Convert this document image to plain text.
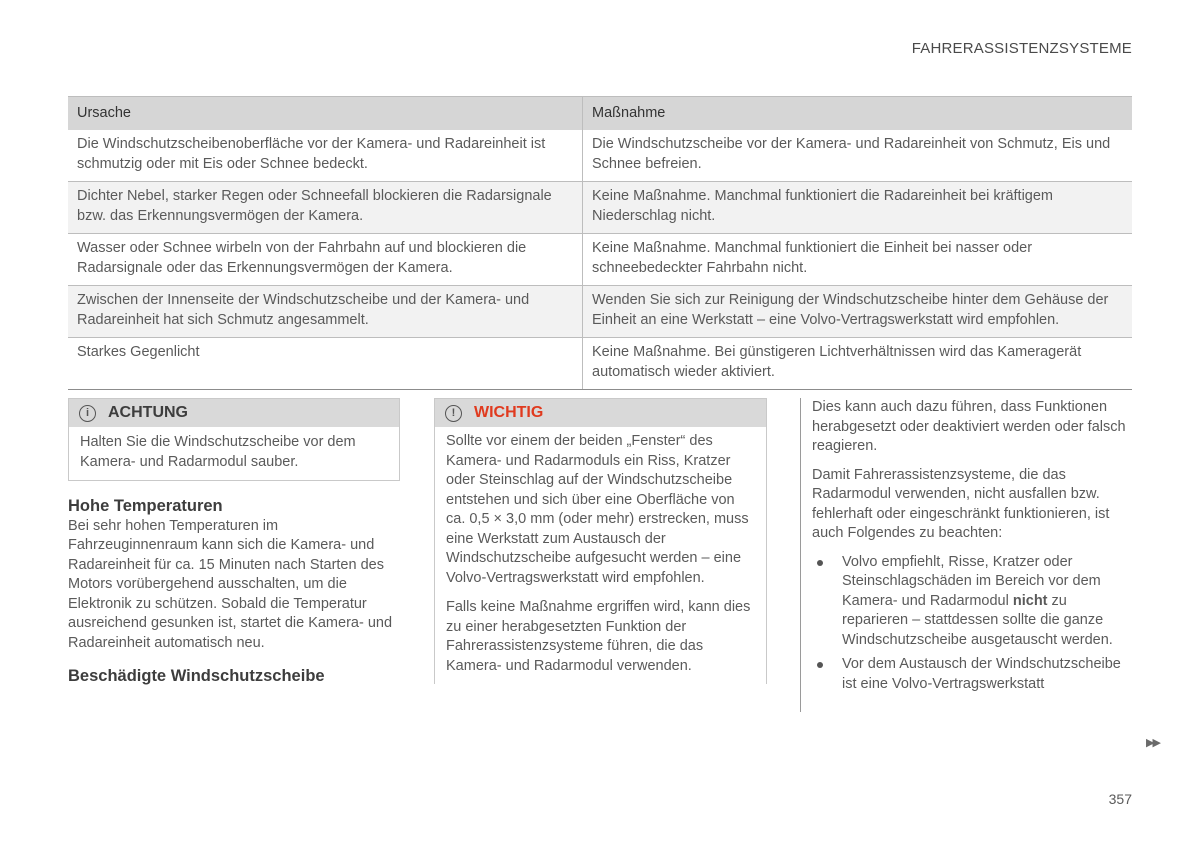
FAHRERASSISTENZSYSTEME
Ursache	Maßnahme
Die Windschutzscheibenoberfläche vor der Kamera- und Radareinheit ist schmutzig oder mit Eis oder Schnee bedeckt.	Die Windschutzscheibe vor der Kamera- und Radareinheit von Schmutz, Eis und Schnee befreien.
Dichter Nebel, starker Regen oder Schneefall blockieren die Radarsignale bzw. das Erkennungsvermögen der Kamera.	Keine Maßnahme. Manchmal funktioniert die Radareinheit bei kräftigem Niederschlag nicht.
Wasser oder Schnee wirbeln von der Fahrbahn auf und blockieren die Radarsignale oder das Erkennungsvermögen der Kamera.	Keine Maßnahme. Manchmal funktioniert die Einheit bei nasser oder schneebedeckter Fahrbahn nicht.
Zwischen der Innenseite der Windschutzscheibe und der Kamera- und Radareinheit hat sich Schmutz angesammelt.	Wenden Sie sich zur Reinigung der Windschutzscheibe hinter dem Gehäuse der Einheit an eine Werkstatt – eine Volvo-Vertragswerkstatt wird empfohlen.
Starkes Gegenlicht	Keine Maßnahme. Bei günstigeren Lichtverhältnissen wird das Kameragerät automatisch wieder aktiviert.
i	ACHTUNG
Halten Sie die Windschutzscheibe vor dem Kamera- und Radarmodul sauber.
Hohe Temperaturen

Bei sehr hohen Temperaturen im Fahrzeuginnenraum kann sich die Kamera- und Radareinheit für ca. 15 Minuten nach Starten des Motors vorübergehend ausschalten, um die Elektronik zu schützen. Sobald die Temperatur ausreichend gesunken ist, startet die Kamera- und Radareinheit automatisch neu.

Beschädigte Windschutzscheibe
!	WICHTIG

Sollte vor einem der beiden „Fenster“ des Kamera- und Radarmoduls ein Riss, Kratzer oder Steinschlag auf der Windschutzscheibe entstehen und sich über eine Oberfläche von ca. 0,5 × 3,0 mm (oder mehr) erstrecken, muss eine Werkstatt zum Austausch der Windschutzscheibe aufgesucht werden – eine Volvo-Vertragswerkstatt wird empfohlen.

Falls keine Maßnahme ergriffen wird, kann dies zu einer herabgesetzten Funktion der Fahrerassistenzsysteme führen, die das Kamera- und Radarmodul verwenden.

Dies kann auch dazu führen, dass Funktionen herabgesetzt oder deaktiviert werden oder falsch reagieren.

Damit Fahrerassistenzsysteme, die das Radarmodul verwenden, nicht ausfallen bzw. fehlerhaft oder eingeschränkt funktionieren, ist auch Folgendes zu beachten:

Volvo empfiehlt, Risse, Kratzer oder Steinschlagschäden im Bereich vor dem Kamera- und Radarmodul nicht zu reparieren – stattdessen sollte die ganze Windschutzscheibe ausgetauscht werden.
Vor dem Austausch der Windschutzscheibe ist eine Volvo-Vertragswerkstatt
▶▶
357
